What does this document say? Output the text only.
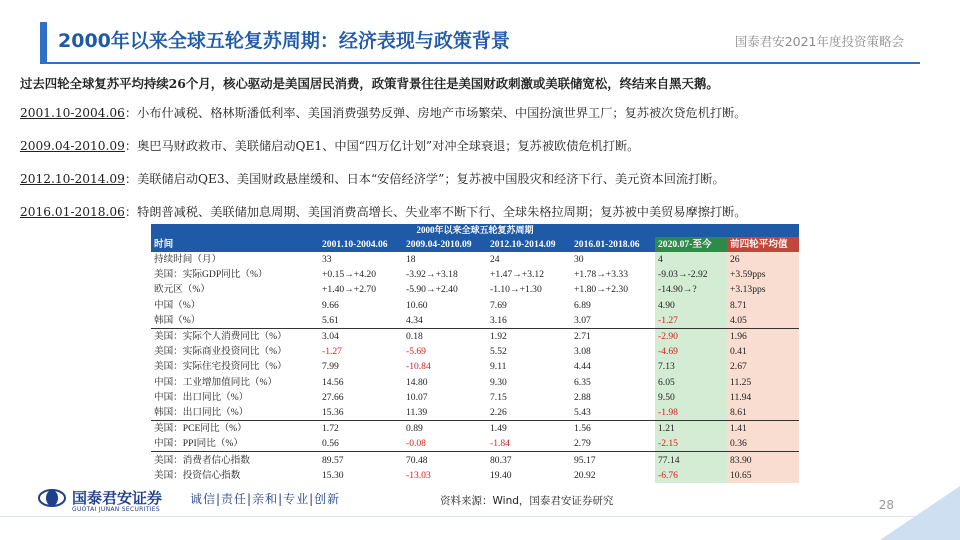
2000年以来全球五轮复苏周期：经济表现与政策背景	国泰君安2021年度投资策略会
过去四轮全球复苏平均持续26个月，核心驱动是美国居民消费，政策背景往往是美国财政刺激或美联储宽松，终结来自黑天鹅。
2001.10-2004.06：小布什减税、格林斯潘低利率、美国消费强势反弹、房地产市场繁荣、中国扮演世界工厂；复苏被次贷危机打断。
2009.04-2010.09：奥巴马财政救市、美联储启动QE1、中国“四万亿计划”对冲全球衰退；复苏被欧债危机打断。
2012.10-2014.09：美联储启动QE3、美国财政悬崖缓和、日本“安倍经济学”；复苏被中国股灾和经济下行、美元资本回流打断。
2016.01-2018.06：特朗普减税、美联储加息周期、美国消费高增长、失业率不断下行、全球朱格拉周期；复苏被中美贸易摩擦打断。
2000年以来全球五轮复苏周期						
时间	2001.10-2004.06	2009.04-2010.09	2012.10-2014.09	2016.01-2018.06	2020.07-至今	前四轮平均值
持续时间（月）	33	18	24	30	4	26
美国：实际GDP同比（%）	+0.15→+4.20	-3.92→+3.18	+1.47→+3.12	+1.78→+3.33	-9.03→-2.92	+3.59pps
欧元区（%）	+1.40→+2.70	-5.90→+2.40	-1.10→+1.30	+1.80→+2.30	-14.90→?	+3.13pps
中国（%）	9.66	10.60	7.69	6.89	4.90	8.71
韩国（%）	5.61	4.34	3.16	3.07	-1.27	4.05
美国：实际个人消费同比（%）	3.04	0.18	1.92	2.71	-2.90	1.96
美国：实际商业投资同比（%）	-1.27	-5.69	5.52	3.08	-4.69	0.41
美国：实际住宅投资同比（%）	7.99	-10.84	9.11	4.44	7.13	2.67
中国：工业增加值同比（%）	14.56	14.80	9.30	6.35	6.05	11.25
中国：出口同比（%）	27.66	10.07	7.15	2.88	9.50	11.94
韩国：出口同比（%）	15.36	11.39	2.26	5.43	-1.98	8.61
美国：PCE同比（%）	1.72	0.89	1.49	1.56	1.21	1.41
中国：PPI同比（%）	0.56	-0.08	-1.84	2.79	-2.15	0.36
美国：消费者信心指数	89.57	70.48	80.37	95.17	77.14	83.90
美国：投资信心指数	15.30	-13.03	19.40	20.92	-6.76	10.65
国泰君安证券
GUOTAI JUNAN SECURITIES
诚信|责任|亲和|专业|创新	资料来源：Wind，国泰君安证券研究	28
